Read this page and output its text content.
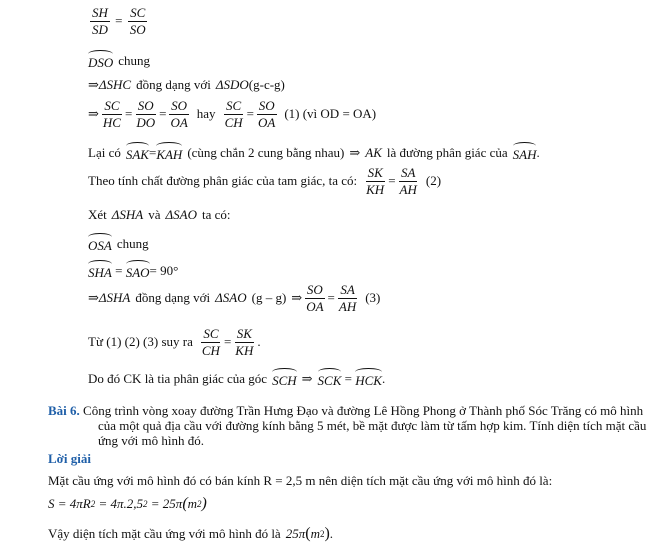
$\frac{SH}{SD} = \frac{SC}{SO}$
DSO chung
⇒ ΔSHC đồng dạng với ΔSDO (g-c-g)
⇒ $\frac{SC}{HC} = \frac{SO}{DO} = \frac{SO}{OA}$ hay $\frac{SC}{CH} = \frac{SO}{OA} (1)$ (vì OD = OA)
Lại có SAK = KAH (cùng chắn 2 cung bằng nhau) ⇒ AK là đường phân giác của SAH .
Theo tính chất đường phân giác của tam giác, ta có: $\frac{SK}{KH} = \frac{SA}{AH} (2)$
Xét ΔSHA và ΔSAO ta có:
OSA chung
SHA = SAO = 90°
⇒ ΔSHA đồng dạng với ΔSAO (g – g) ⇒ $\frac{SO}{OA} = \frac{SA}{AH} (3)$
Từ (1) (2) (3) suy ra $\frac{SC}{CH} = \frac{SK}{KH}$ .
Do đó CK là tia phân giác của góc SCH ⇒ SCK = HCK .
Bài 6. Công trình vòng xoay đường Trần Hưng Đạo và đường Lê Hồng Phong ở Thành phố Sóc Trăng có mô hình của một quả địa cầu với đường kính bằng 5 mét, bề mặt được làm từ tấm hợp kim. Tính diện tích mặt cầu ứng với mô hình đó.
Lời giải
Mặt cầu ứng với mô hình đó có bán kính R = 2,5 m nên diện tích mặt cầu ứng với mô hình đó là:
S = 4πR 2
= 4π.2,5 2
= 25π ( m 2 )
Vậy diện tích mặt cầu ứng với mô hình đó là 25π ( m 2 ) .
